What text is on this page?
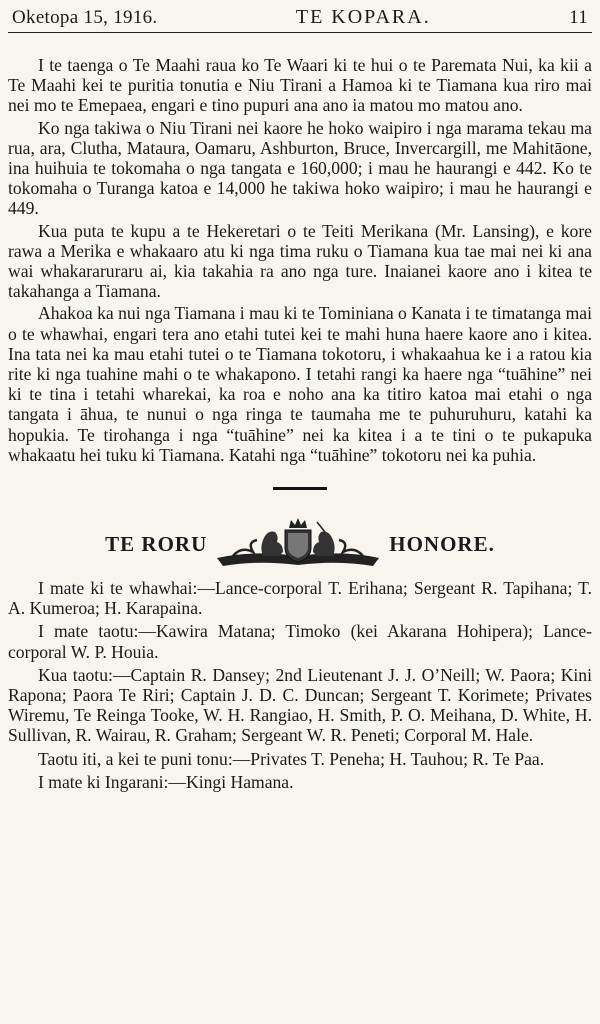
Oketopa 15, 1916.	TE KOPARA.	11

I te taenga o Te Maahi raua ko Te Waari ki te hui o te Paremata Nui, ka kii a Te Maahi kei te puritia tonutia e Niu Tirani a Hamoa ki te Tiamana kua riro mai nei mo te Emepaea, engari e tino pupuri ana ano ia matou mo matou ano.

Ko nga takiwa o Niu Tirani nei kaore he hoko waipiro i nga marama tekau ma rua, ara, Clutha, Mataura, Oamaru, Ashburton, Bruce, Invercargill, me Mahitāone, ina huihuia te tokomaha o nga tangata e 160,000; i mau he haurangi e 442. Ko te tokomaha o Turanga katoa e 14,000 he takiwa hoko waipiro; i mau he haurangi e 449.

Kua puta te kupu a te Hekeretari o te Teiti Merikana (Mr. Lansing), e kore rawa a Merika e whakaaro atu ki nga tima ruku o Tiamana kua tae mai nei ki ana wai whakararuraru ai, kia takahia ra ano nga ture. Inaianei kaore ano i kitea te takahanga a Tiamana.

Ahakoa ka nui nga Tiamana i mau ki te Tominiana o Kanata i te timatanga mai o te whawhai, engari tera ano etahi tutei kei te mahi huna haere kaore ano i kitea. Ina tata nei ka mau etahi tutei o te Tiamana tokotoru, i whakaahua ke i a ratou kia rite ki nga tuahine mahi o te whakapono. I tetahi rangi ka haere nga “tuāhine” nei ki te tina i tetahi wharekai, ka roa e noho ana ka titiro katoa mai etahi o nga tangata i āhua, te nunui o nga ringa te taumaha me te puhuruhuru, katahi ka hopukia. Te tirohanga i nga “tuāhine” nei ka kitea i a te tini o te pukapuka whakaatu hei tuku ki Tiamana. Katahi nga “tuāhine” tokotoru nei ka puhia.

TE RORU	HONORE.

I mate ki te whawhai:—Lance-corporal T. Erihana; Sergeant R. Tapihana; T. A. Kumeroa; H. Karapaina.

I mate taotu:—Kawira Matana; Timoko (kei Akarana Hohipera); Lance-corporal W. P. Houia.

Kua taotu:—Captain R. Dansey; 2nd Lieutenant J. J. O’Neill; W. Paora; Kini Rapona; Paora Te Riri; Captain J. D. C. Duncan; Sergeant T. Korimete; Privates Wiremu, Te Reinga Tooke, W. H. Rangiao, H. Smith, P. O. Meihana, D. White, H. Sullivan, R. Wairau, R. Graham; Sergeant W. R. Peneti; Corporal M. Hale.

Taotu iti, a kei te puni tonu:—Privates T. Peneha; H. Tauhou; R. Te Paa.

I mate ki Ingarani:—Kingi Hamana.
